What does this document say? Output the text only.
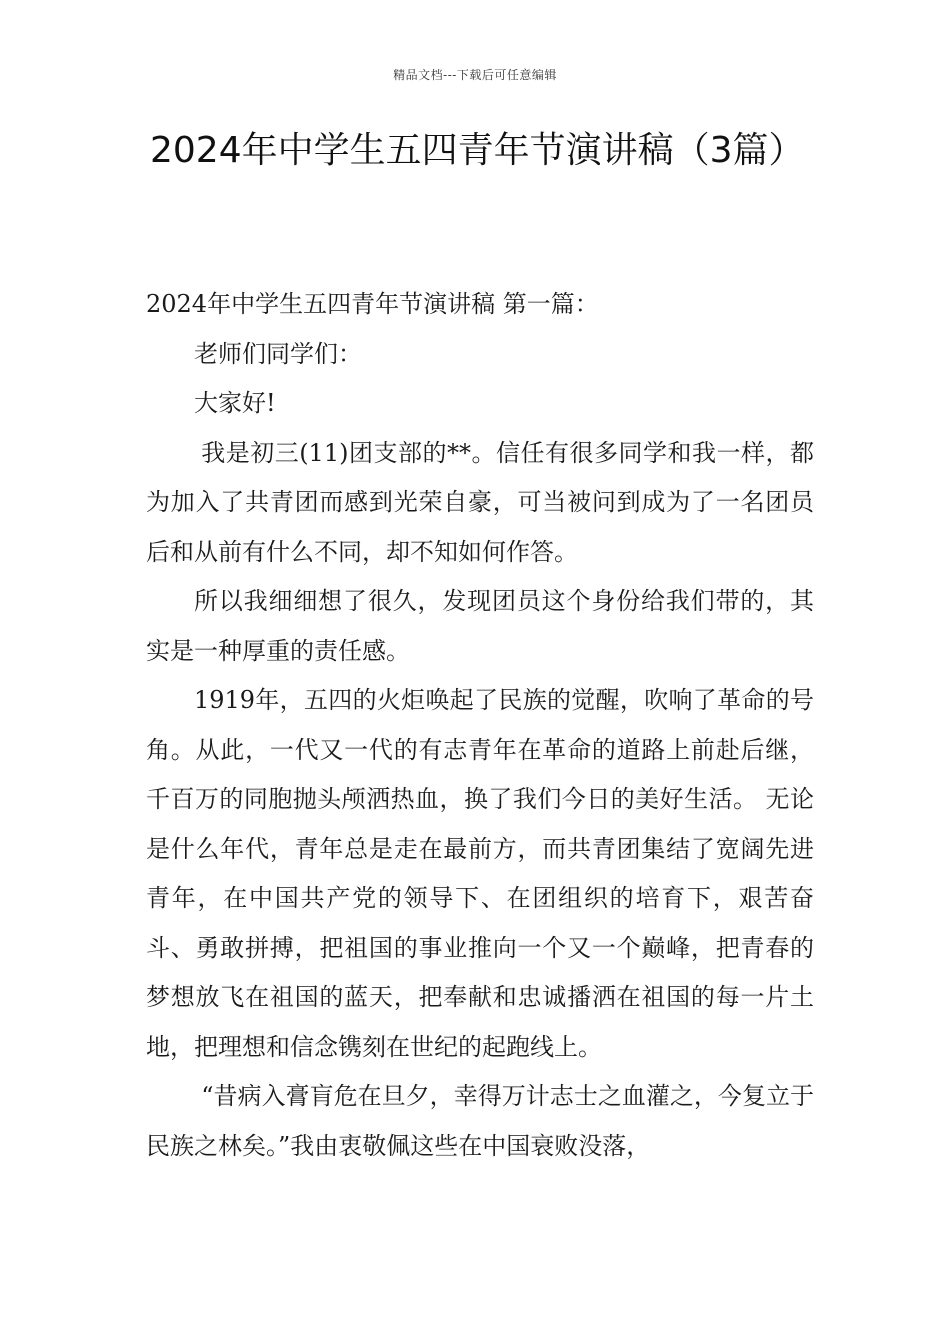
精品文档---下载后可任意编辑
2024年中学生五四青年节演讲稿（3篇）

2024年中学生五四青年节演讲稿 第一篇：

老师们同学们：

大家好!

我是初三(11)团支部的**。信任有很多同学和我一样，都为加入了共青团而感到光荣自豪，可当被问到成为了一名团员后和从前有什么不同，却不知如何作答。

所以我细细想了很久，发现团员这个身份给我们带的，其实是一种厚重的责任感。

1919年，五四的火炬唤起了民族的觉醒，吹响了革命的号角。从此，一代又一代的有志青年在革命的道路上前赴后继，千百万的同胞抛头颅洒热血，换了我们今日的美好生活。 无论是什么年代，青年总是走在最前方，而共青团集结了宽阔先进青年，在中国共产党的领导下、在团组织的培育下，艰苦奋斗、勇敢拼搏，把祖国的事业推向一个又一个巅峰，把青春的梦想放飞在祖国的蓝天，把奉献和忠诚播洒在祖国的每一片土地，把理想和信念镌刻在世纪的起跑线上。

“昔病入膏肓危在旦夕，幸得万计志士之血灌之，今复立于民族之林矣。”我由衷敬佩这些在中国衰败没落，
